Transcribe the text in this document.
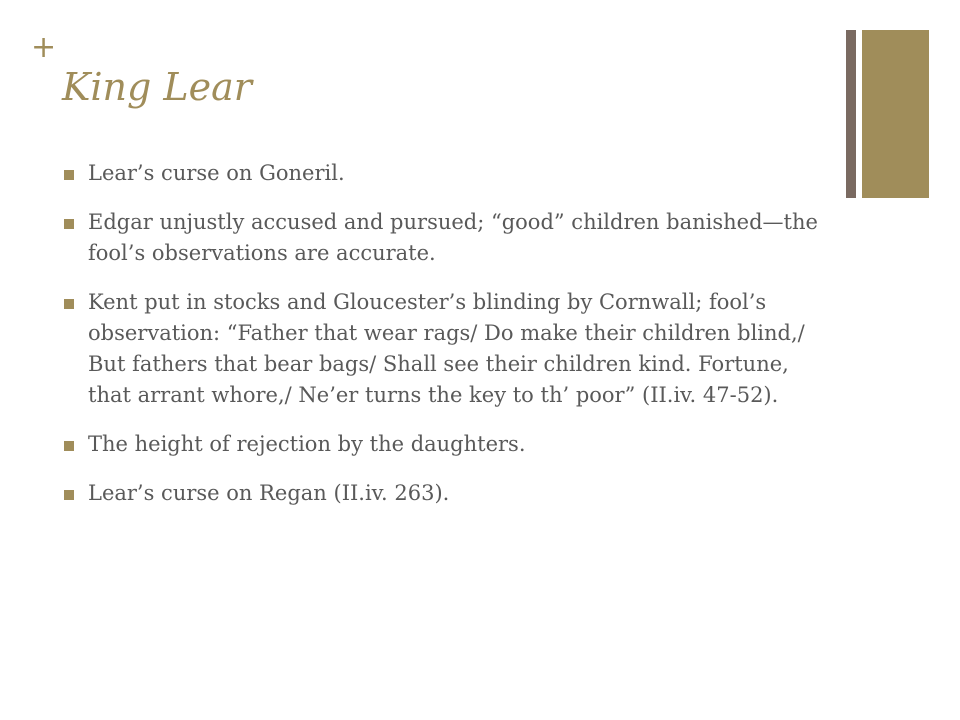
+
King Lear
Lear’s curse on Goneril.
Edgar unjustly accused and pursued; “good” children banished—the fool’s observations are accurate.
Kent put in stocks and Gloucester’s blinding by Cornwall; fool’s observation: “Father that wear rags/ Do make their children blind,/ But fathers that bear bags/ Shall see their children kind. Fortune, that arrant whore,/ Ne’er turns the key to th’ poor” (II.iv. 47-52).
The height of rejection by the daughters.
Lear’s curse on Regan (II.iv. 263).
